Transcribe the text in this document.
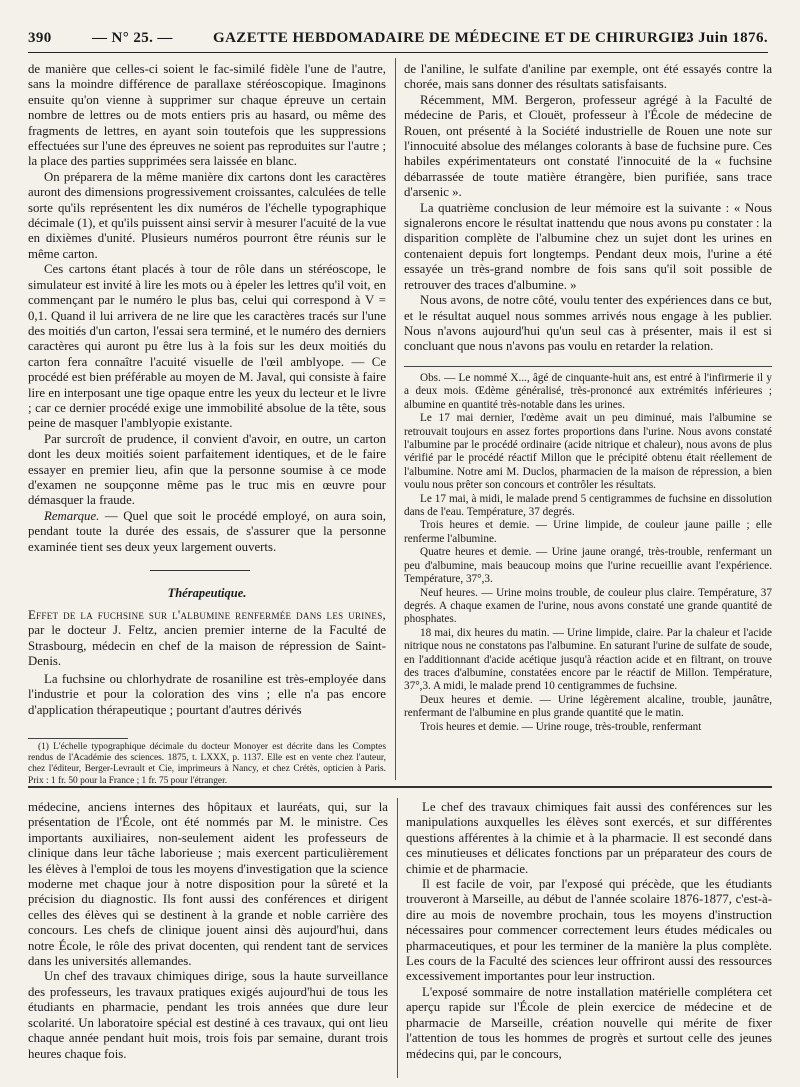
390	— N° 25. —	GAZETTE HEBDOMADAIRE DE MÉDECINE ET DE CHIRURGIE.
23 Juin 1876.

de manière que celles-ci soient le fac-similé fidèle l'une de l'autre, sans la moindre différence de parallaxe stéréoscopique. Imaginons ensuite qu'on vienne à supprimer sur chaque épreuve un certain nombre de lettres ou de mots entiers pris au hasard, ou même des fragments de lettres, en ayant soin toutefois que les suppressions effectuées sur l'une des épreuves ne soient pas reproduites sur l'autre ; la place des parties supprimées sera laissée en blanc.

On préparera de la même manière dix cartons dont les caractères auront des dimensions progressivement croissantes, calculées de telle sorte qu'ils représentent les dix numéros de l'échelle typographique décimale (1), et qu'ils puissent ainsi servir à mesurer l'acuité de la vue en dixièmes d'unité. Plusieurs numéros pourront être réunis sur le même carton.

Ces cartons étant placés à tour de rôle dans un stéréoscope, le simulateur est invité à lire les mots ou à épeler les lettres qu'il voit, en commençant par le numéro le plus bas, celui qui correspond à V = 0,1. Quand il lui arrivera de ne lire que les caractères tracés sur l'une des moitiés d'un carton, l'essai sera terminé, et le numéro des derniers caractères qui auront pu être lus à la fois sur les deux moitiés du carton fera connaître l'acuité visuelle de l'œil amblyope. — Ce procédé est bien préférable au moyen de M. Javal, qui consiste à faire lire en interposant une tige opaque entre les yeux du lecteur et le livre ; car ce dernier procédé exige une immobilité absolue de la tête, sous peine de masquer l'amblyopie existante.

Par surcroît de prudence, il convient d'avoir, en outre, un carton dont les deux moitiés soient parfaitement identiques, et de le faire essayer en premier lieu, afin que la personne soumise à ce mode d'examen ne soupçonne même pas le truc mis en œuvre pour démasquer la fraude.

Remarque. — Quel que soit le procédé employé, on aura soin, pendant toute la durée des essais, de s'assurer que la personne examinée tient ses deux yeux largement ouverts.

Thérapeutique.
Effet de la fuchsine sur l'albumine renfermée dans les urines, par le docteur J. Feltz, ancien premier interne de la Faculté de Strasbourg, médecin en chef de la maison de répression de Saint-Denis.

La fuchsine ou chlorhydrate de rosaniline est très-employée dans l'industrie et pour la coloration des vins ; elle n'a pas encore d'application thérapeutique ; pourtant d'autres dérivés

(1) L'échelle typographique décimale du docteur Monoyer est décrite dans les Comptes rendus de l'Académie des sciences. 1875, t. LXXX, p. 1137. Elle est en vente chez l'auteur, chez l'éditeur, Berger-Levrault et Cie, imprimeurs à Nancy, et chez Crétès, opticien à Paris. Prix : 1 fr. 50 pour la France ; 1 fr. 75 pour l'étranger.

de l'aniline, le sulfate d'aniline par exemple, ont été essayés contre la chorée, mais sans donner des résultats satisfaisants.

Récemment, MM. Bergeron, professeur agrégé à la Faculté de médecine de Paris, et Clouët, professeur à l'École de médecine de Rouen, ont présenté à la Société industrielle de Rouen une note sur l'innocuité absolue des mélanges colorants à base de fuchsine pure. Ces habiles expérimentateurs ont constaté l'innocuité de la « fuchsine débarrassée de toute matière étrangère, bien purifiée, sans trace d'arsenic ».

La quatrième conclusion de leur mémoire est la suivante : « Nous signalerons encore le résultat inattendu que nous avons pu constater : la disparition complète de l'albumine chez un sujet dont les urines en contenaient depuis fort longtemps. Pendant deux mois, l'urine a été essayée un très-grand nombre de fois sans qu'il soit possible de retrouver des traces d'albumine. »

Nous avons, de notre côté, voulu tenter des expériences dans ce but, et le résultat auquel nous sommes arrivés nous engage à les publier. Nous n'avons aujourd'hui qu'un seul cas à présenter, mais il est si concluant que nous n'avons pas voulu en retarder la relation.

Obs. — Le nommé X..., âgé de cinquante-huit ans, est entré à l'infirmerie il y a deux mois. Œdème généralisé, très-prononcé aux extrémités inférieures ; albumine en quantité très-notable dans les urines.

Le 17 mai dernier, l'œdème avait un peu diminué, mais l'albumine se retrouvait toujours en assez fortes proportions dans l'urine. Nous avons constaté l'albumine par le procédé ordinaire (acide nitrique et chaleur), nous avons de plus vérifié par le procédé réactif Millon que le précipité obtenu était réellement de l'albumine. Notre ami M. Duclos, pharmacien de la maison de répression, a bien voulu nous prêter son concours et contrôler les résultats.

Le 17 mai, à midi, le malade prend 5 centigrammes de fuchsine en dissolution dans de l'eau. Température, 37 degrés.

Trois heures et demie. — Urine limpide, de couleur jaune paille ; elle renferme l'albumine.

Quatre heures et demie. — Urine jaune orangé, très-trouble, renfermant un peu d'albumine, mais beaucoup moins que l'urine recueillie avant l'expérience. Température, 37°,3.

Neuf heures. — Urine moins trouble, de couleur plus claire. Température, 37 degrés. A chaque examen de l'urine, nous avons constaté une grande quantité de phosphates.

18 mai, dix heures du matin. — Urine limpide, claire. Par la chaleur et l'acide nitrique nous ne constatons pas l'albumine. En saturant l'urine de sulfate de soude, en l'additionnant d'acide acétique jusqu'à réaction acide et en filtrant, on trouve des traces d'albumine, constatées encore par le réactif de Millon. Température, 37°,3. A midi, le malade prend 10 centigrammes de fuchsine.

Deux heures et demie. — Urine légèrement alcaline, trouble, jaunâtre, renfermant de l'albumine en plus grande quantité que le matin.

Trois heures et demie. — Urine rouge, très-trouble, renfermant

médecine, anciens internes des hôpitaux et lauréats, qui, sur la présentation de l'École, ont été nommés par M. le ministre. Ces importants auxiliaires, non-seulement aident les professeurs de clinique dans leur tâche laborieuse ; mais exercent particulièrement les élèves à l'emploi de tous les moyens d'investigation que la science moderne met chaque jour à notre disposition pour la sûreté et la précision du diagnostic. Ils font aussi des conférences et dirigent celles des élèves qui se destinent à la grande et noble carrière des concours. Les chefs de clinique jouent ainsi dès aujourd'hui, dans notre École, le rôle des privat docenten, qui rendent tant de services dans les universités allemandes.

Un chef des travaux chimiques dirige, sous la haute surveillance des professeurs, les travaux pratiques exigés aujourd'hui de tous les étudiants en pharmacie, pendant les trois années que dure leur scolarité. Un laboratoire spécial est destiné à ces travaux, qui ont lieu chaque année pendant huit mois, trois fois par semaine, durant trois heures chaque fois.

Le chef des travaux chimiques fait aussi des conférences sur les manipulations auxquelles les élèves sont exercés, et sur différentes questions afférentes à la chimie et à la pharmacie. Il est secondé dans ces minutieuses et délicates fonctions par un préparateur des cours de chimie et de pharmacie.

Il est facile de voir, par l'exposé qui précède, que les étudiants trouveront à Marseille, au début de l'année scolaire 1876-1877, c'est-à-dire au mois de novembre prochain, tous les moyens d'instruction nécessaires pour commencer correctement leurs études médicales ou pharmaceutiques, et pour les terminer de la manière la plus complète. Les cours de la Faculté des sciences leur offriront aussi des ressources excessivement importantes pour leur instruction.

L'exposé sommaire de notre installation matérielle complétera cet aperçu rapide sur l'École de plein exercice de médecine et de pharmacie de Marseille, création nouvelle qui mérite de fixer l'attention de tous les hommes de progrès et surtout celle des jeunes médecins qui, par le concours,
